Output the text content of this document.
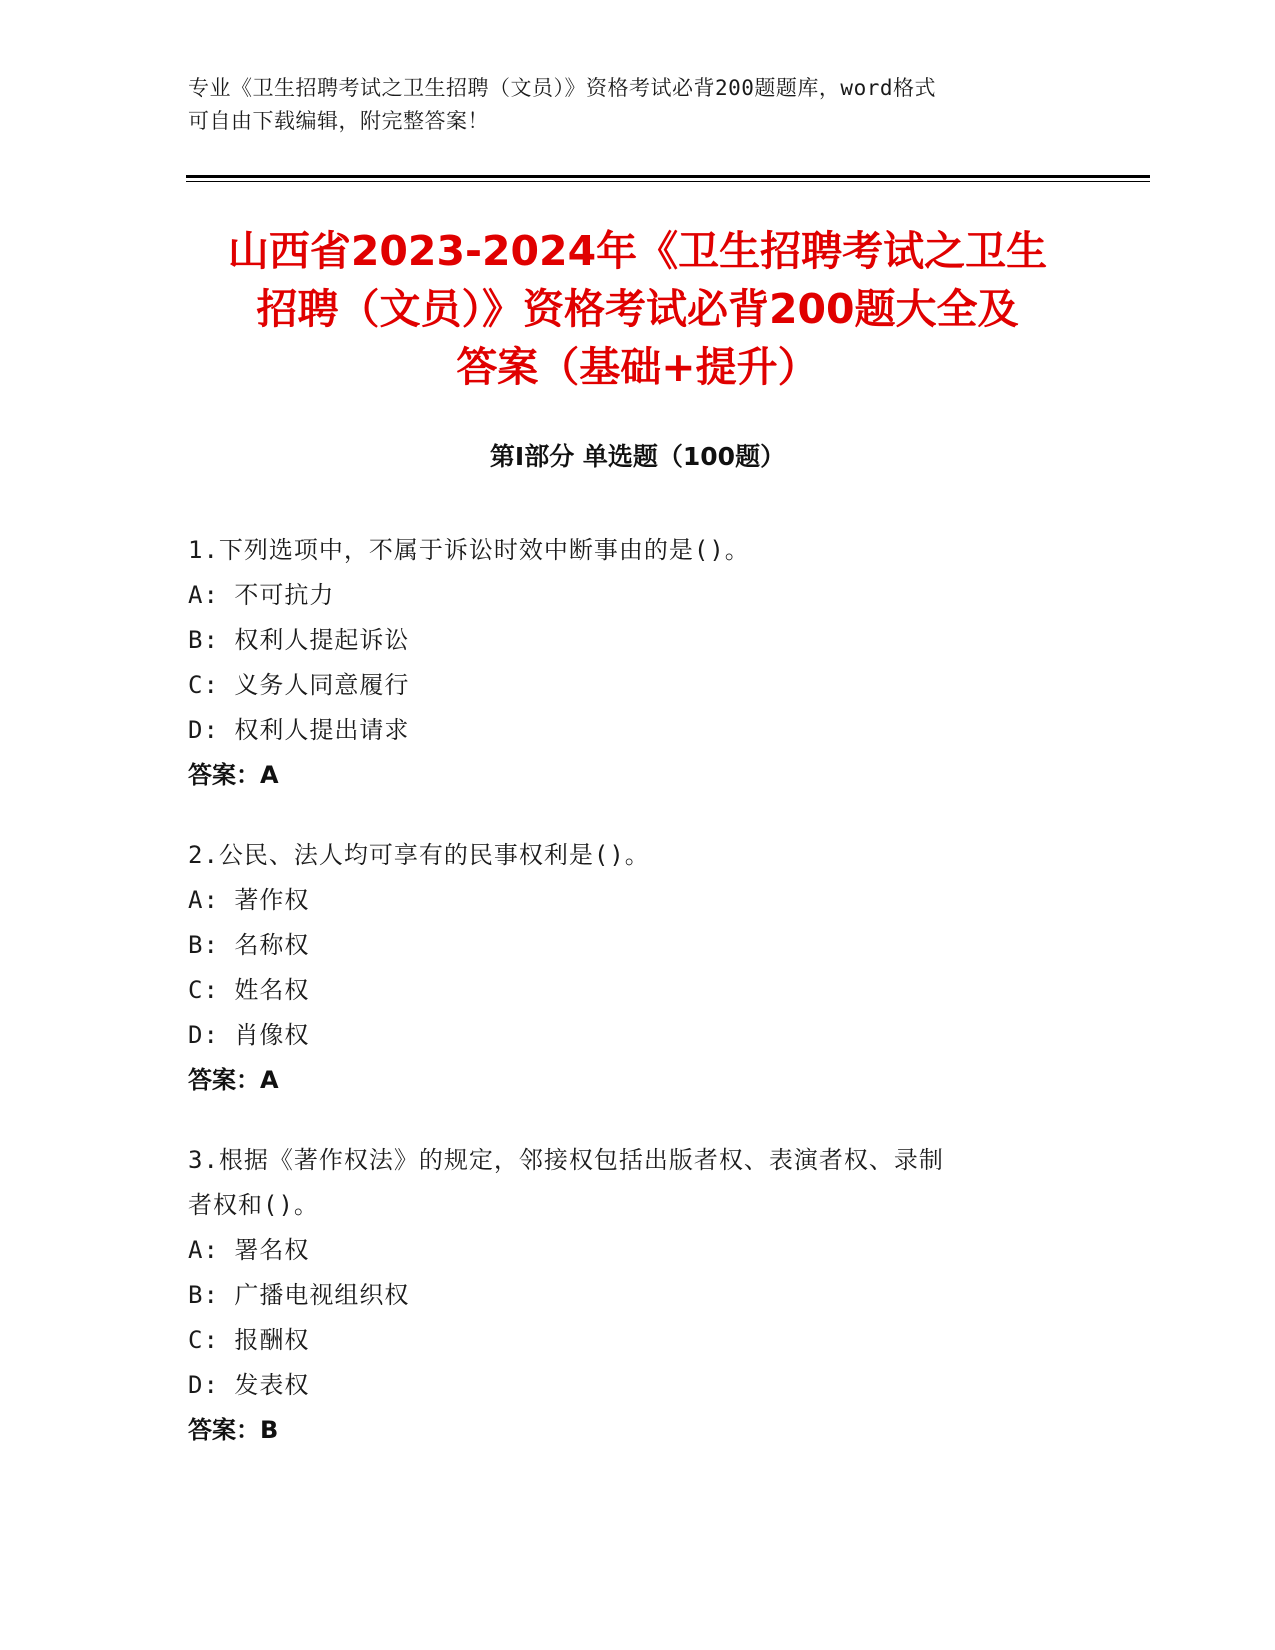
专业《卫生招聘考试之卫生招聘（文员）》资格考试必背200题题库，word格式
可自由下载编辑，附完整答案！
山西省2023-2024年《卫生招聘考试之卫生
招聘（文员）》资格考试必背200题大全及
答案（基础+提升）
第Ⅰ部分 单选题（100题）
1.下列选项中，不属于诉讼时效中断事由的是()。
A: 不可抗力
B: 权利人提起诉讼
C: 义务人同意履行
D: 权利人提出请求
答案：A
2.公民、法人均可享有的民事权利是()。
A: 著作权
B: 名称权
C: 姓名权
D: 肖像权
答案：A
3.根据《著作权法》的规定，邻接权包括出版者权、表演者权、录制
者权和()。
A: 署名权
B: 广播电视组织权
C: 报酬权
D: 发表权
答案：B
